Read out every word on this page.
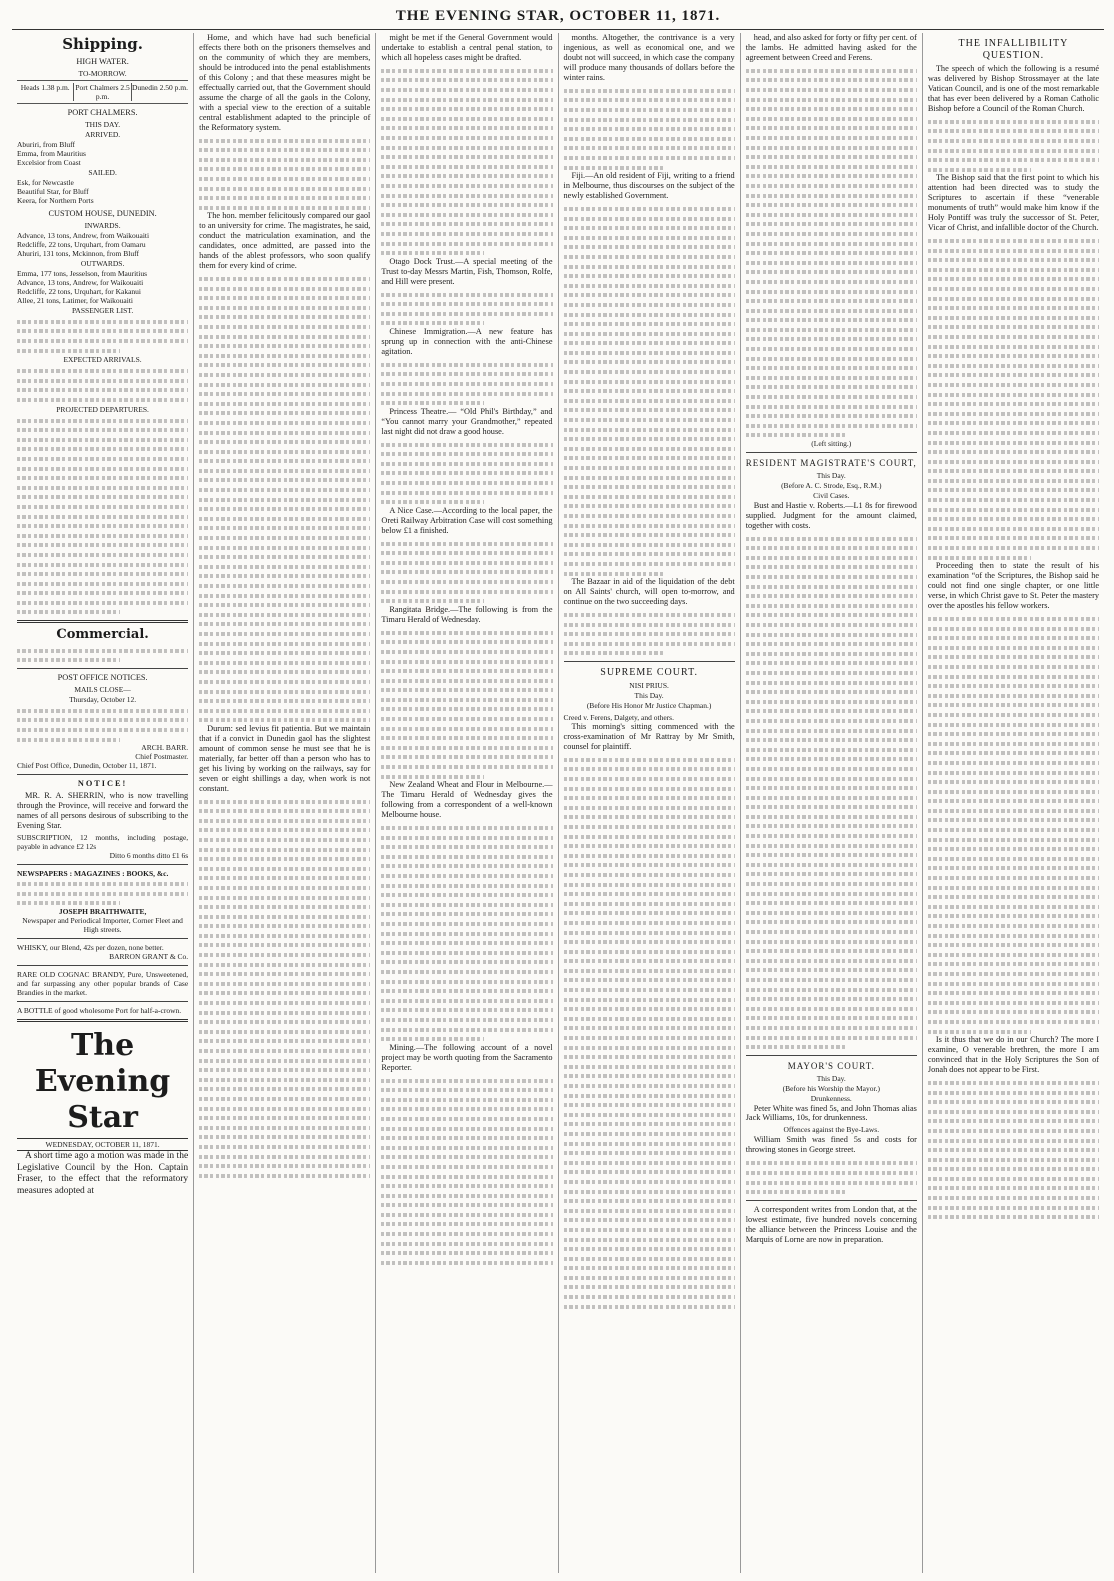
THE EVENING STAR, OCTOBER 11, 1871.
Shipping.
HIGH WATER.
TO-MORROW.
Heads 1.38 p.m. Port Chalmers 2.5 p.m.
Dunedin 2.50 p.m.
PORT CHALMERS.
THIS DAY.
ARRIVED.
Aburiri, from Bluff
Emma, from Mauritius
Excelsior from Coast
SAILED.
Esk, for Newcastle
Beautiful Star, for Bluff
Keera, for Northern Ports
CUSTOM HOUSE, DUNEDIN.
INWARDS.
Advance, 13 tons, Andrew, from Waikouaiti
Redcliffe, 22 tons, Urquhart, from Oamaru
Ahuriri, 131 tons, Mckinnon, from Bluff
OUTWARDS.
Emma, 177 tons, Jesselson, from Mauritius
Advance, 13 tons, Andrew, for Waikouaiti
Redcliffe, 22 tons, Urquhart, for Kakanui
Allee, 21 tons, Latimer, for Waikouaiti
PASSENGER LIST.
EXPECTED ARRIVALS.
PROJECTED DEPARTURES.
Commercial.
POST OFFICE NOTICES.
MAILS CLOSE—
Thursday, October 12.
ARCH. BARR.
Chief Postmaster.
Chief Post Office, Dunedin, October 11, 1871.
NOTICE!

MR. R. A. SHERRIN, who is now travelling through the Province, will receive and forward the names of all persons desirous of subscribing to the Evening Star.

SUBSCRIPTION, 12 months, including postage, payable in advance £2 12s
Ditto 6 months ditto £1 6s
NEWSPAPERS : MAGAZINES : BOOKS, &c.
JOSEPH BRAITHWAITE,
Newspaper and Periodical Importer, Corner Fleet and High streets.
WHISKY, our Blend, 42s per dozen, none better.
BARRON GRANT & Co.
RARE OLD COGNAC BRANDY, Pure, Unsweetened, and far surpassing any other popular brands of Case Brandies in the market.
A BOTTLE of good wholesome Port for half-a-crown.
The Evening Star
WEDNESDAY, OCTOBER 11, 1871.

A short time ago a motion was made in the Legislative Council by the Hon. Captain Fraser, to the effect that the reformatory measures adopted at

Home, and which have had such beneficial effects there both on the prisoners themselves and on the community of which they are members, should be introduced into the penal establishments of this Colony ; and that these measures might be effectually carried out, that the Government should assume the charge of all the gaols in the Colony, with a special view to the erection of a suitable central establishment adapted to the principle of the Reformatory system.

The hon. member felicitously compared our gaol to an university for crime. The magistrates, he said, conduct the matriculation examination, and the candidates, once admitted, are passed into the hands of the ablest professors, who soon qualify them for every kind of crime.

Durum: sed levius fit patientia. But we maintain that if a convict in Dunedin gaol has the slightest amount of common sense he must see that he is materially, far better off than a person who has to get his living by working on the railways, say for seven or eight shillings a day, when work is not constant.

might be met if the General Government would undertake to establish a central penal station, to which all hopeless cases might be drafted.

Otago Dock Trust.—A special meeting of the Trust to-day Messrs Martin, Fish, Thomson, Rolfe, and Hill were present.

Chinese Immigration.—A new feature has sprung up in connection with the anti-Chinese agitation.

Princess Theatre.— “Old Phil's Birthday,” and “You cannot marry your Grandmother,” repeated last night did not draw a good house.

A Nice Case.—According to the local paper, the Oreti Railway Arbitration Case will cost something below £1 a finished.

Rangitata Bridge.—The following is from the Timaru Herald of Wednesday.

New Zealand Wheat and Flour in Melbourne.—The Timaru Herald of Wednesday gives the following from a correspondent of a well-known Melbourne house.

Mining.—The following account of a novel project may be worth quoting from the Sacramento Reporter.

months. Altogether, the contrivance is a very ingenious, as well as economical one, and we doubt not will succeed, in which case the company will produce many thousands of dollars before the winter rains.

Fiji.—An old resident of Fiji, writing to a friend in Melbourne, thus discourses on the subject of the newly established Government.

The Bazaar in aid of the liquidation of the debt on All Saints' church, will open to-morrow, and continue on the two succeeding days.

SUPREME COURT.
NISI PRIUS.
This Day.
(Before His Honor Mr Justice Chapman.)
Creed v. Ferens, Dalgety, and others.

This morning's sitting commenced with the cross-examination of Mr Rattray by Mr Smith, counsel for plaintiff.

head, and also asked for forty or fifty per cent. of the lambs. He admitted having asked for the agreement between Creed and Ferens.

(Left sitting.)
RESIDENT MAGISTRATE'S COURT,
This Day.
(Before A. C. Strode, Esq., R.M.)
Civil Cases.

Bust and Hastie v. Roberts.—L1 8s for firewood supplied. Judgment for the amount claimed, together with costs.

MAYOR'S COURT.
This Day.
(Before his Worship the Mayor.)
Drunkenness.

Peter White was fined 5s, and John Thomas alias Jack Williams, 10s, for drunkenness.

Offences against the Bye-Laws.

William Smith was fined 5s and costs for throwing stones in George street.

A correspondent writes from London that, at the lowest estimate, five hundred novels concerning the alliance between the Princess Louise and the Marquis of Lorne are now in preparation.

THE INFALLIBILITY QUESTION.

The speech of which the following is a resumé was delivered by Bishop Strossmayer at the late Vatican Council, and is one of the most remarkable that has ever been delivered by a Roman Catholic Bishop before a Council of the Roman Church.

The Bishop said that the first point to which his attention had been directed was to study the Scriptures to ascertain if these “venerable monuments of truth” would make him know if the Holy Pontiff was truly the successor of St. Peter, Vicar of Christ, and infallible doctor of the Church.

Proceeding then to state the result of his examination “of the Scriptures, the Bishop said he could not find one single chapter, or one little verse, in which Christ gave to St. Peter the mastery over the apostles his fellow workers.

Is it thus that we do in our Church? The more I examine, O venerable brethren, the more I am convinced that in the Holy Scriptures the Son of Jonah does not appear to be First.
